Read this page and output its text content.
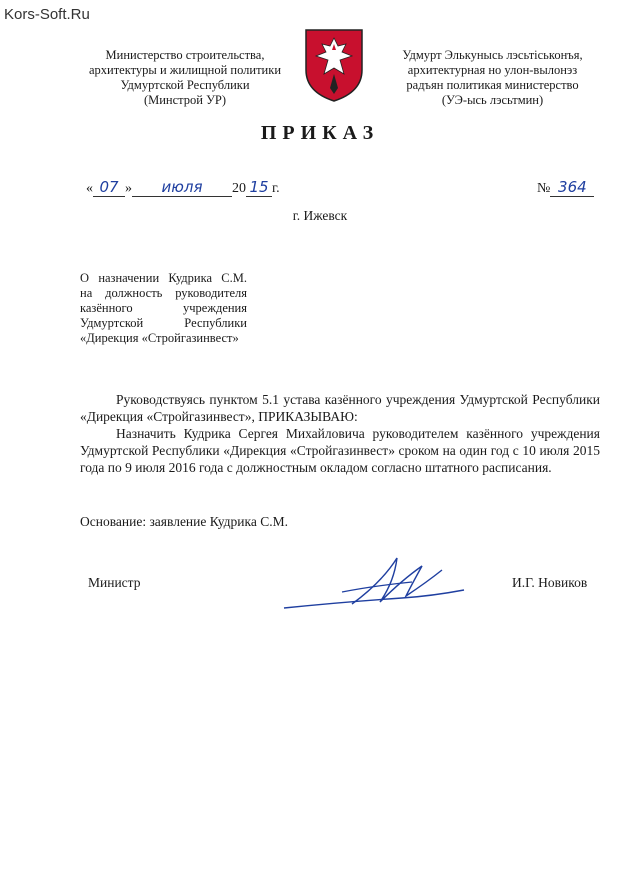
Kors-Soft.Ru
Министерство строительства,
архитектуры и жилищной политики
Удмуртской Республики
(Минстрой УР)
Удмурт Элькунысь лэсьтiськонъя,
архитектурная но улон-вылонэз
радъян политикая министерство
(УЭ-ысь лэсьтмин)
ПРИКАЗ
« 07 » июля 20 15 г.	№ 364
г. Ижевск
О назначении Кудрика С.М.
на должность руководителя
казённого учреждения
Удмуртской Республики
«Дирекция «Стройгазинвест»

Руководствуясь пунктом 5.1 устава казённого учреждения Удмуртской Республики «Дирекция «Стройгазинвест», ПРИКАЗЫВАЮ:

Назначить Кудрика Сергея Михайловича руководителем казённого учреждения Удмуртской Республики «Дирекция «Стройгазинвест» сроком на один год с 10 июля 2015 года по 9 июля 2016 года с должностным окладом согласно штатного расписания.

Основание: заявление Кудрика С.М.
Министр	И.Г. Новиков
